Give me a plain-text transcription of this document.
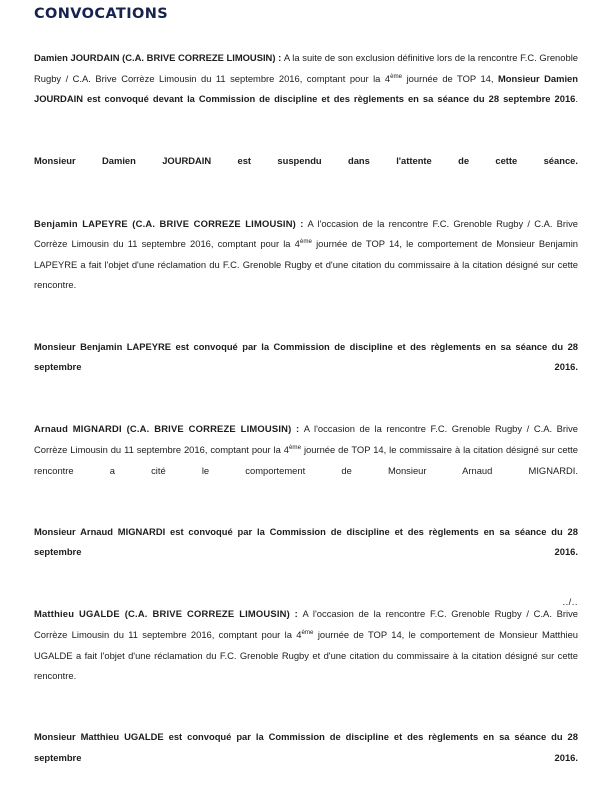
CONVOCATIONS

Damien JOURDAIN (C.A. BRIVE CORREZE LIMOUSIN) : A la suite de son exclusion définitive lors de la rencontre F.C. Grenoble Rugby / C.A. Brive Corrèze Limousin du 11 septembre 2016, comptant pour la 4ème journée de TOP 14, Monsieur Damien JOURDAIN est convoqué devant la Commission de discipline et des règlements en sa séance du 28 septembre 2016.

Monsieur Damien JOURDAIN est suspendu dans l'attente de cette séance.

Benjamin LAPEYRE (C.A. BRIVE CORREZE LIMOUSIN) : A l'occasion de la rencontre F.C. Grenoble Rugby / C.A. Brive Corrèze Limousin du 11 septembre 2016, comptant pour la 4ème journée de TOP 14, le comportement de Monsieur Benjamin LAPEYRE a fait l'objet d'une réclamation du F.C. Grenoble Rugby et d'une citation du commissaire à la citation désigné sur cette rencontre.

Monsieur Benjamin LAPEYRE est convoqué par la Commission de discipline et des règlements en sa séance du 28 septembre 2016.

Arnaud MIGNARDI (C.A. BRIVE CORREZE LIMOUSIN) : A l'occasion de la rencontre F.C. Grenoble Rugby / C.A. Brive Corrèze Limousin du 11 septembre 2016, comptant pour la 4ème journée de TOP 14, le commissaire à la citation désigné sur cette rencontre a cité le comportement de Monsieur Arnaud MIGNARDI.

Monsieur Arnaud MIGNARDI est convoqué par la Commission de discipline et des règlements en sa séance du 28 septembre 2016.

Matthieu UGALDE (C.A. BRIVE CORREZE LIMOUSIN) : A l'occasion de la rencontre F.C. Grenoble Rugby / C.A. Brive Corrèze Limousin du 11 septembre 2016, comptant pour la 4ème journée de TOP 14, le comportement de Monsieur Matthieu UGALDE a fait l'objet d'une réclamation du F.C. Grenoble Rugby et d'une citation du commissaire à la citation désigné sur cette rencontre.

Monsieur Matthieu UGALDE est convoqué par la Commission de discipline et des règlements en sa séance du 28 septembre 2016.

../..
